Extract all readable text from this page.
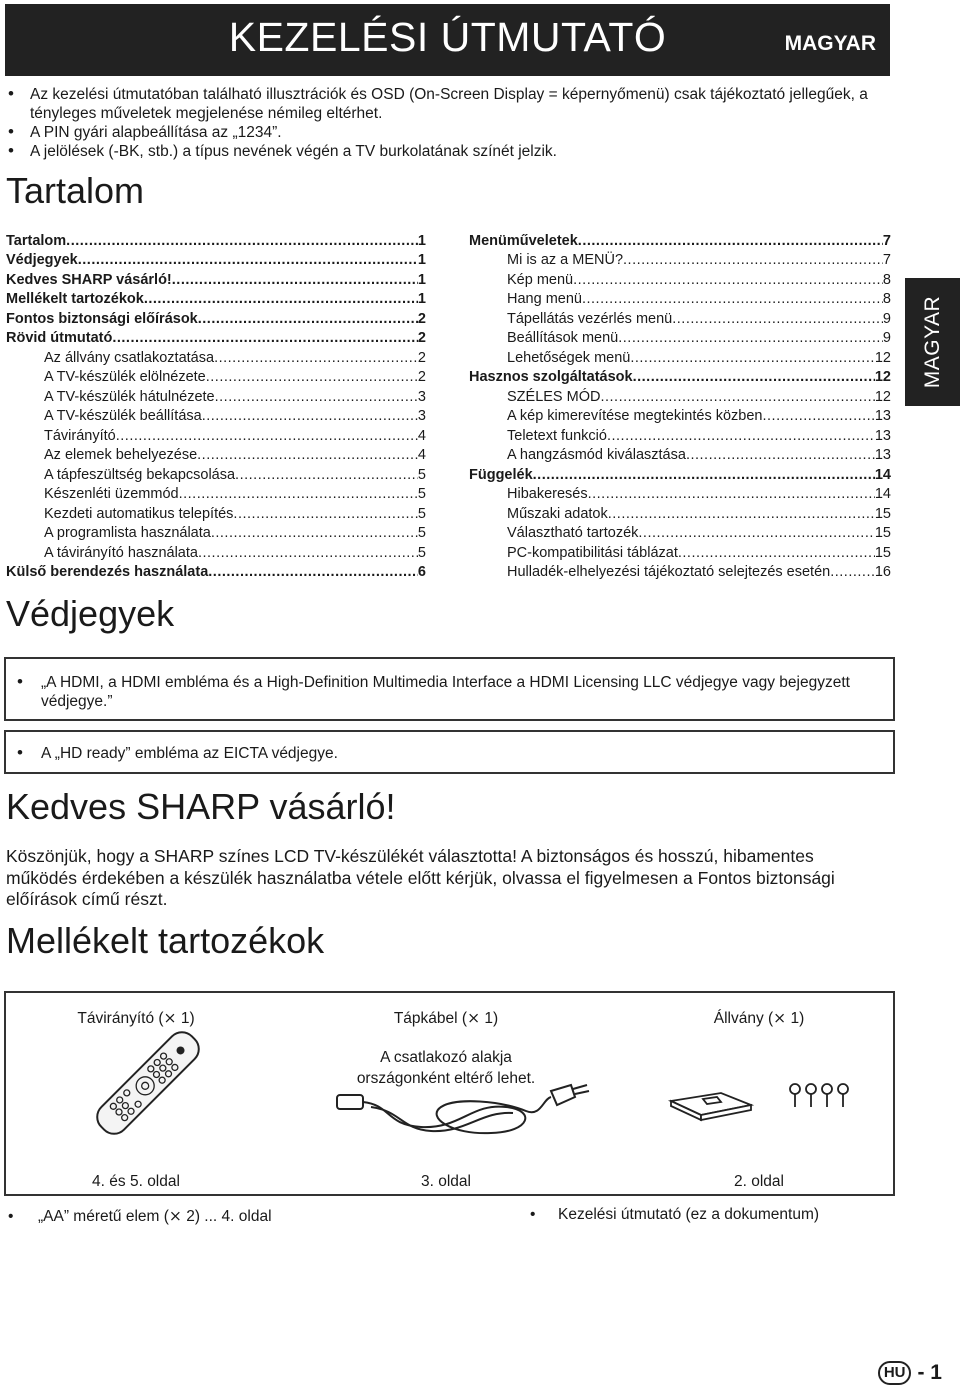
KEZELÉSI ÚTMUTATÓ	MAGYAR
• Az kezelési útmutatóban található illusztrációk és OSD (On-Screen Display = képernyőmenü) csak tájékoztató jellegűek, a tényleges műveletek megjelenése némileg eltérhet.
• A PIN gyári alapbeállítása az „1234”.
• A jelölések (-BK, stb.) a típus nevének végén a TV burkolatának színét jelzik.
Tartalom
Tartalom .....	1
Védjegyek .....	1
Kedves SHARP vásárló! .....	1
Mellékelt tartozékok .....	1
Fontos biztonsági előírások .....	2
Rövid útmutató .....	2
Az állvány csatlakoztatása .....	2
A TV-készülék elölnézete .....	2
A TV-készülék hátulnézete .....	3
A TV-készülék beállítása .....	3
Távirányító .....	4
Az elemek behelyezése .....	4
A tápfeszültség bekapcsolása .....	5
Készenléti üzemmód .....	5
Kezdeti automatikus telepítés .....	5
A programlista használata .....	5
A távirányító használata .....	5
Külső berendezés használata .....	6
Menüműveletek .....	7
Mi is az a MENÜ? .....	7
Kép menü .....	8
Hang menü .....	8
Tápellátás vezérlés menü .....	9
Beállítások menü .....	9
Lehetőségek menü .....	12
Hasznos szolgáltatások .....	12
SZÉLES MÓD .....	12
A kép kimerevítése megtekintés közben .....	13
Teletext funkció .....	13
A hangzásmód kiválasztása .....	13
Függelék .....	14
Hibakeresés .....	14
Műszaki adatok .....	15
Választható tartozék .....	15
PC-kompatibilitási táblázat .....	15
Hulladék-elhelyezési tájékoztató selejtezés esetén .....	16
MAGYAR
Védjegyek
• „A HDMI, a HDMI embléma és a High-Definition Multimedia Interface a HDMI Licensing LLC védjegye vagy bejegyzett védjegye.”
• A „HD ready” embléma az EICTA védjegye.
Kedves SHARP vásárló!
Köszönjük, hogy a SHARP színes LCD TV-készülékét választotta! A biztonságos és hosszú, hibamentes működés érdekében a készülék használatba vétele előtt kérjük, olvassa el figyelmesen a Fontos biztonsági előírások című részt.
Mellékelt tartozékok
Távirányító (⨯ 1)	Tápkábel (⨯ 1)	Állvány (⨯ 1)
A csatlakozó alakja országonként eltérő lehet.
4. és 5. oldal	3. oldal	2. oldal
• „AA” méretű elem (⨯ 2) ... 4. oldal	• Kezelési útmutató (ez a dokumentum)
HU - 1
